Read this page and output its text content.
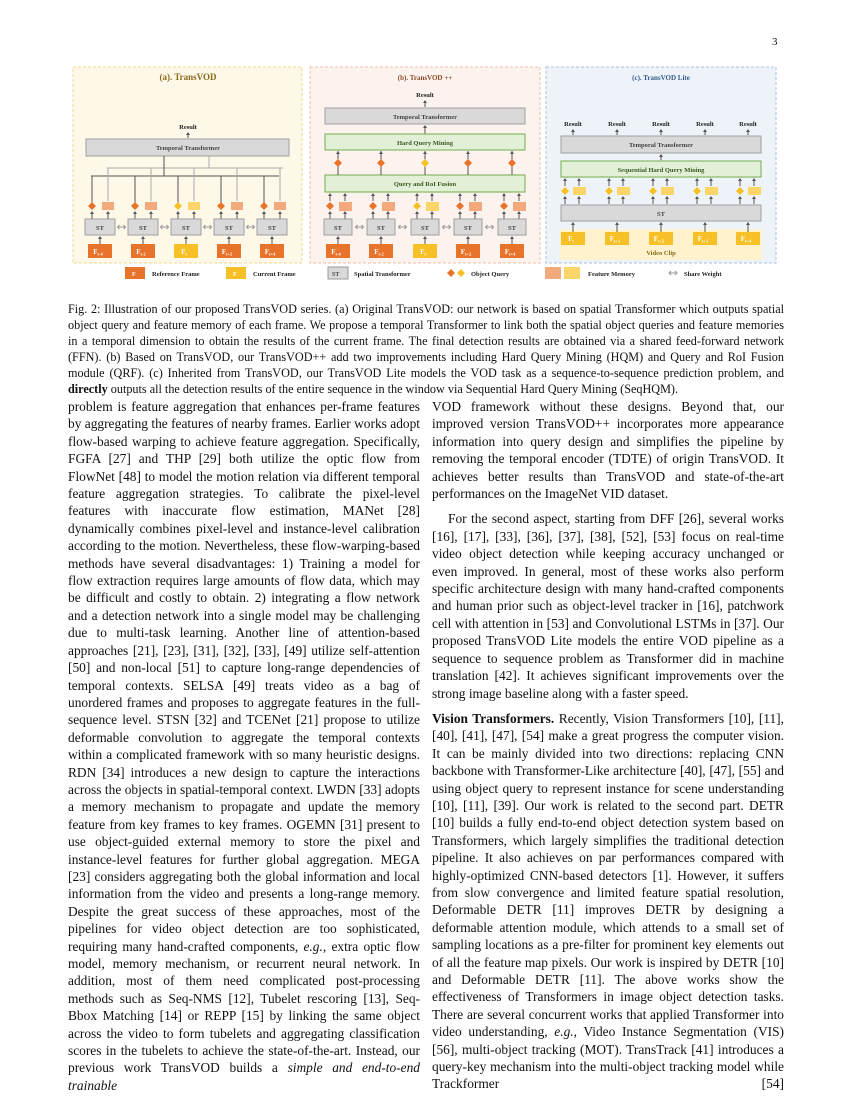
3
(a). TransVOD
Result
Temporal Transformer
ST
$F_{t-4}$
ST
$F_{t-2}$
ST
$F_t$
ST
$F_{t+2}$
ST
$F_{t+4}$
(b). TransVOD ++
Result
Temporal Transformer
Hard Query Mining
Query and RoI Fusion
ST
$F_{t-4}$
ST
$F_{t-2}$
ST
$F_t$
ST
$F_{t+2}$
ST
$F_{t+4}$
(c). TransVOD Lite
Temporal Transformer
Sequential Hard Query Mining
ST
Video Clip
Result
$F_t$
Result
$F_{t+1}$
Result
$F_{t+2}$
Result
$F_{t+3}$
Result
$F_{t+4}$
F	Reference Frame	F	Current Frame	ST Spatial Transformer	Object Query	Feature Memory	Share Weight
Fig. 2: Illustration of our proposed TransVOD series. (a) Original TransVOD: our network is based on spatial Transformer which outputs spatial object query and feature memory of each frame. We propose a temporal Transformer to link both the spatial object queries and feature memories in a temporal dimension to obtain the results of the current frame. The final detection results are obtained via a shared feed-forward network (FFN). (b) Based on TransVOD, our TransVOD++ add two improvements including Hard Query Mining (HQM) and Query and RoI Fusion module (QRF). (c) Inherited from TransVOD, our TransVOD Lite models the VOD task as a sequence-to-sequence prediction problem, and directly outputs all the detection results of the entire sequence in the window via Sequential Hard Query Mining (SeqHQM).

problem is feature aggregation that enhances per-frame features by aggregating the features of nearby frames. Earlier works adopt flow-based warping to achieve feature aggregation. Specifically, FGFA [27] and THP [29] both utilize the optic flow from FlowNet [48] to model the motion relation via different temporal feature aggregation strategies. To calibrate the pixel-level features with inaccurate flow estimation, MANet [28] dynamically combines pixel-level and instance-level calibration according to the motion. Nevertheless, these flow-warping-based methods have several disadvantages: 1) Training a model for flow extraction requires large amounts of flow data, which may be difficult and costly to obtain. 2) integrating a flow network and a detection network into a single model may be challenging due to multi-task learning. Another line of attention-based approaches [21], [23], [31], [32], [33], [49] utilize self-attention [50] and non-local [51] to capture long-range dependencies of temporal contexts. SELSA [49] treats video as a bag of unordered frames and proposes to aggregate features in the full-sequence level. STSN [32] and TCENet [21] propose to utilize deformable convolution to aggregate the temporal contexts within a complicated framework with so many heuristic designs. RDN [34] introduces a new design to capture the interactions across the objects in spatial-temporal context. LWDN [33] adopts a memory mechanism to propagate and update the memory feature from key frames to key frames. OGEMN [31] present to use object-guided external memory to store the pixel and instance-level features for further global aggregation. MEGA [23] considers aggregating both the global information and local information from the video and presents a long-range memory. Despite the great success of these approaches, most of the pipelines for video object detection are too sophisticated, requiring many hand-crafted components, e.g., extra optic flow model, memory mechanism, or recurrent neural network. In addition, most of them need complicated post-processing methods such as Seq-NMS [12], Tubelet rescoring [13], Seq-Bbox Matching [14] or REPP [15] by linking the same object across the video to form tubelets and aggregating classification scores in the tubelets to achieve the state-of-the-art. Instead, our previous work TransVOD builds a simple and end-to-end trainable

VOD framework without these designs. Beyond that, our improved version TransVOD++ incorporates more appearance information into query design and simplifies the pipeline by removing the temporal encoder (TDTE) of origin TransVOD. It achieves better results than TransVOD and state-of-the-art performances on the ImageNet VID dataset.

For the second aspect, starting from DFF [26], several works [16], [17], [33], [36], [37], [38], [52], [53] focus on real-time video object detection while keeping accuracy unchanged or even improved. In general, most of these works also perform specific architecture design with many hand-crafted components and human prior such as object-level tracker in [16], patchwork cell with attention in [53] and Convolutional LSTMs in [37]. Our proposed TransVOD Lite models the entire VOD pipeline as a sequence to sequence problem as Transformer did in machine translation [42]. It achieves significant improvements over the strong image baseline along with a faster speed.

Vision Transformers. Recently, Vision Transformers [10], [11], [40], [41], [47], [54] make a great progress the computer vision. It can be mainly divided into two directions: replacing CNN backbone with Transformer-Like architecture [40], [47], [55] and using object query to represent instance for scene understanding [10], [11], [39]. Our work is related to the second part. DETR [10] builds a fully end-to-end object detection system based on Transformers, which largely simplifies the traditional detection pipeline. It also achieves on par performances compared with highly-optimized CNN-based detectors [1]. However, it suffers from slow convergence and limited feature spatial resolution, Deformable DETR [11] improves DETR by designing a deformable attention module, which attends to a small set of sampling locations as a pre-filter for prominent key elements out of all the feature map pixels. Our work is inspired by DETR [10] and Deformable DETR [11]. The above works show the effectiveness of Transformers in image object detection tasks. There are several concurrent works that applied Transformer into video understanding, e.g., Video Instance Segmentation (VIS) [56], multi-object tracking (MOT). TransTrack [41] introduces a query-key mechanism into the multi-object tracking model while Trackformer [54]
